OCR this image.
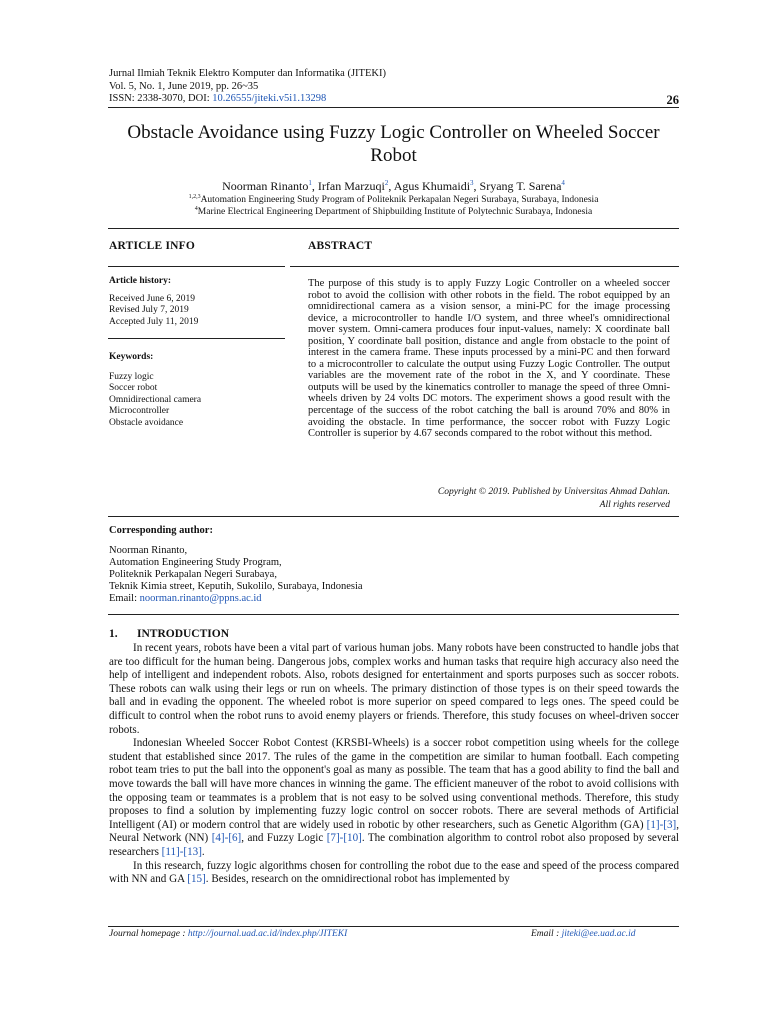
Jurnal Ilmiah Teknik Elektro Komputer dan Informatika (JITEKI)
Vol. 5, No. 1, June 2019, pp. 26~35
ISSN: 2338-3070, DOI: 10.26555/jiteki.v5i1.13298	26
Obstacle Avoidance using Fuzzy Logic Controller on Wheeled Soccer Robot
Noorman Rinanto$^1$, Irfan Marzuqi$^2$, Agus Khumaidi$^3$, Sryang T. Sarena$^4$
$^{1,2,3}$Automation Engineering Study Program of Politeknik Perkapalan Negeri Surabaya, Surabaya, Indonesia
$^4$Marine Electrical Engineering Department of Shipbuilding Institute of Polytechnic Surabaya, Indonesia
ARTICLE INFO	ABSTRACT
Article history:
Received June 6, 2019
Revised July 7, 2019
Accepted July 11, 2019
Keywords:
Fuzzy logic
Soccer robot
Omnidirectional camera
Microcontroller
Obstacle avoidance

The purpose of this study is to apply Fuzzy Logic Controller on a wheeled soccer robot to avoid the collision with other robots in the field. The robot equipped by an omnidirectional camera as a vision sensor, a mini-PC for the image processing device, a microcontroller to handle I/O system, and three wheel's omnidirectional mover system. Omni-camera produces four input-values, namely: X coordinate ball position, Y coordinate ball position, distance and angle from obstacle to the point of interest in the camera frame. These inputs processed by a mini-PC and then forward to a microcontroller to calculate the output using Fuzzy Logic Controller. The output variables are the movement rate of the robot in the X, and Y coordinate. These outputs will be used by the kinematics controller to manage the speed of three Omni-wheels driven by 24 volts DC motors. The experiment shows a good result with the percentage of the success of the robot catching the ball is around 70% and 80% in avoiding the obstacle. In time performance, the soccer robot with Fuzzy Logic Controller is superior by 4.67 seconds compared to the robot without this method.

Copyright © 2019. Published by Universitas Ahmad Dahlan.
All rights reserved
Corresponding author:
Noorman Rinanto,
Automation Engineering Study Program,
Politeknik Perkapalan Negeri Surabaya,
Teknik Kimia street, Keputih, Sukolilo, Surabaya, Indonesia
Email: noorman.rinanto@ppns.ac.id
1. INTRODUCTION

In recent years, robots have been a vital part of various human jobs. Many robots have been constructed to handle jobs that are too difficult for the human being. Dangerous jobs, complex works and human tasks that require high accuracy also need the help of intelligent and independent robots. Also, robots designed for entertainment and sports purposes such as soccer robots. These robots can walk using their legs or run on wheels. The primary distinction of those types is on their speed towards the ball and in evading the opponent. The wheeled robot is more superior on speed compared to legs ones. The speed could be difficult to control when the robot runs to avoid enemy players or friends. Therefore, this study focuses on wheel-driven soccer robots.

Indonesian Wheeled Soccer Robot Contest (KRSBI-Wheels) is a soccer robot competition using wheels for the college student that established since 2017. The rules of the game in the competition are similar to human football. Each competing robot team tries to put the ball into the opponent's goal as many as possible. The team that has a good ability to find the ball and move towards the ball will have more chances in winning the game. The efficient maneuver of the robot to avoid collisions with the opposing team or teammates is a problem that is not easy to be solved using conventional methods. Therefore, this study proposes to find a solution by implementing fuzzy logic control on soccer robots. There are several methods of Artificial Intelligent (AI) or modern control that are widely used in robotic by other researchers, such as Genetic Algorithm (GA) [1]-[3], Neural Network (NN) [4]-[6], and Fuzzy Logic [7]-[10]. The combination algorithm to control robot also proposed by several researchers [11]-[13].

In this research, fuzzy logic algorithms chosen for controlling the robot due to the ease and speed of the process compared with NN and GA [15]. Besides, research on the omnidirectional robot has implemented by

Journal homepage : http://journal.uad.ac.id/index.php/JITEKI	Email : jiteki@ee.uad.ac.id
